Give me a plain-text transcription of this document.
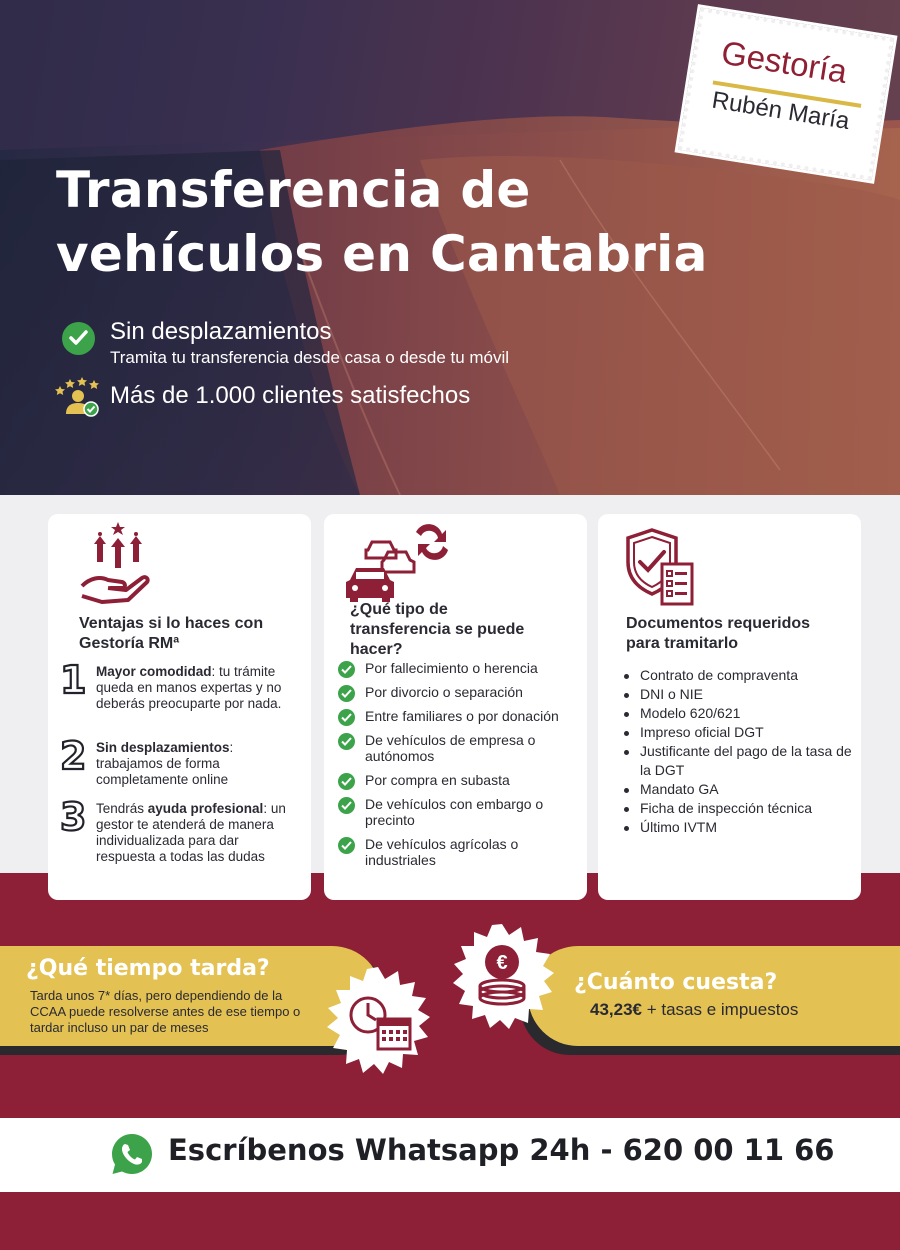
Transferencia de
vehículos en Cantabria
Sin desplazamientos
Tramita tu transferencia desde casa o desde tu móvil
Más de 1.000 clientes satisfechos
Gestoría
Rubén María
Ventajas si lo haces con
Gestoría RMª
1 Mayor comodidad: tu trámite queda en manos expertas y no deberás preocuparte por nada.
2 Sin desplazamientos: trabajamos de forma completamente online
3 Tendrás ayuda profesional: un gestor te atenderá de manera individualizada para dar respuesta a todas las dudas
¿Qué tipo de
transferencia se puede
hacer?
Por fallecimiento o herencia
Por divorcio o separación
Entre familiares o por donación
De vehículos de empresa o autónomos
Por compra en subasta
De vehículos con embargo o precinto
De vehículos agrícolas o industriales
Documentos requeridos
para tramitarlo
Contrato de compraventa
DNI o NIE
Modelo 620/621
Impreso oficial DGT
Justificante del pago de la tasa de la DGT
Mandato GA
Ficha de inspección técnica
Último IVTM
¿Qué tiempo tarda?
Tarda unos 7* días, pero dependiendo de la CCAA puede resolverse antes de ese tiempo o tardar incluso un par de meses
€
¿Cuánto cuesta?
43,23€ + tasas e impuestos
Escríbenos Whatsapp 24h - 620 00 11 66
